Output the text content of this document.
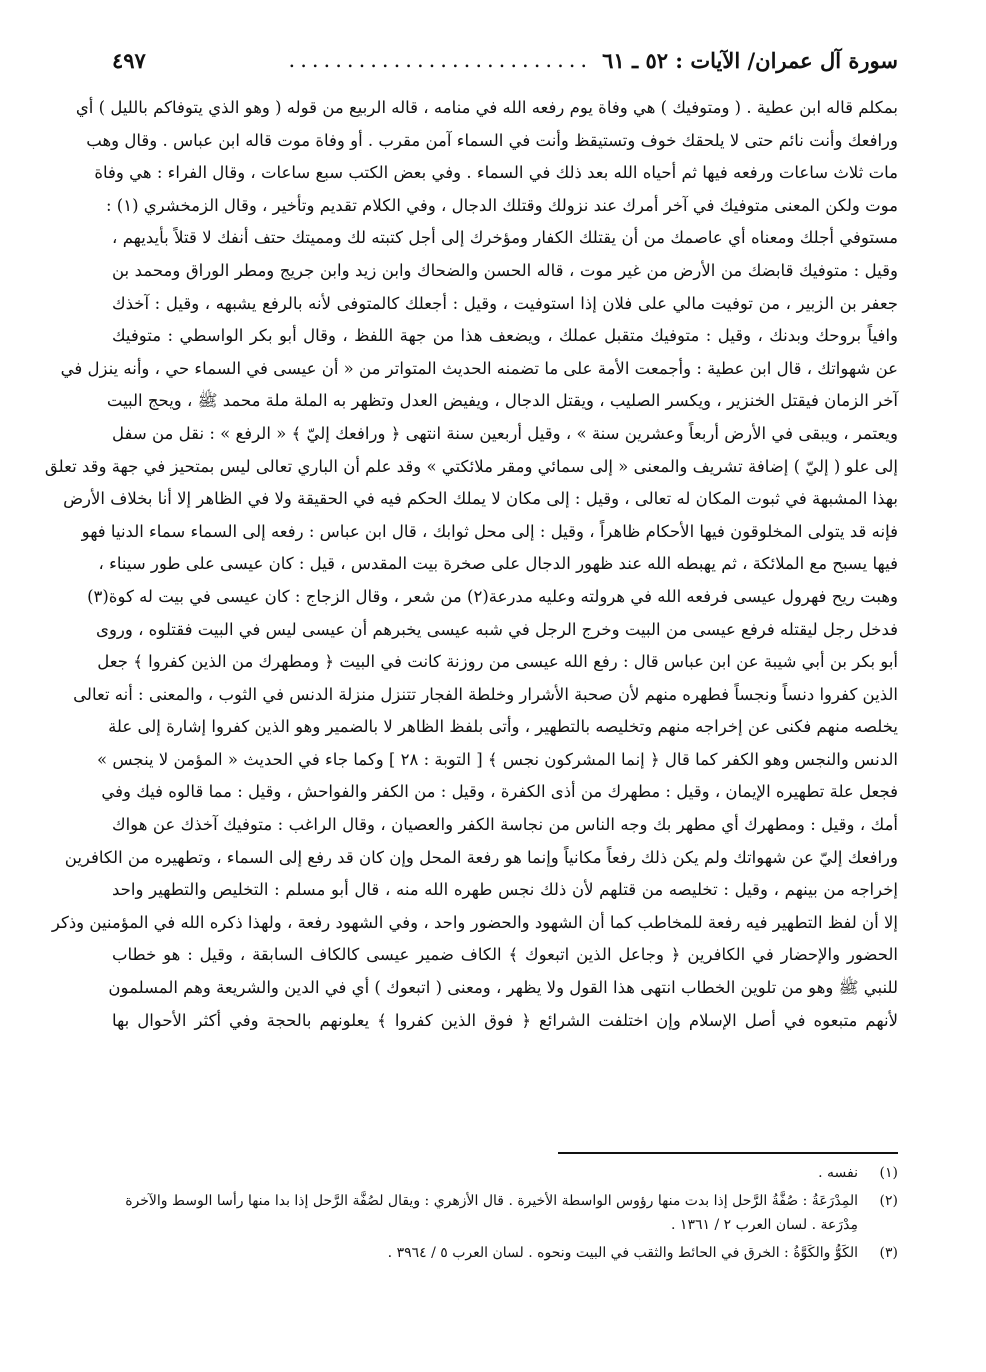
سورة آل عمران/ الآيات : ٥٢ ـ ٦١
..........................
٤٩٧
بمكلم قاله ابن عطية . ( ومتوفيك ) هي وفاة يوم رفعه الله في منامه ، قاله الربيع من قوله ( وهو الذي يتوفاكم بالليل ) أي
ورافعك وأنت نائم حتى لا يلحقك خوف وتستيقظ وأنت في السماء آمن مقرب . أو وفاة موت قاله ابن عباس . وقال وهب
مات ثلاث ساعات ورفعه فيها ثم أحياه الله بعد ذلك في السماء . وفي بعض الكتب سبع ساعات ، وقال الفراء : هي وفاة
موت ولكن المعنى متوفيك في آخر أمرك عند نزولك وقتلك الدجال ، وفي الكلام تقديم وتأخير ، وقال الزمخشري (١) :
مستوفي أجلك ومعناه أي عاصمك من أن يقتلك الكفار ومؤخرك إلى أجل كتبته لك ومميتك حتف أنفك لا قتلاً بأيديهم ،
وقيل : متوفيك قابضك من الأرض من غير موت ، قاله الحسن والضحاك وابن زيد وابن جريج ومطر الوراق ومحمد بن
جعفر بن الزبير ، من توفيت مالي على فلان إذا استوفيت ، وقيل : أجعلك كالمتوفى لأنه بالرفع يشبهه ، وقيل : آخذك
وافياً بروحك وبدنك ، وقيل : متوفيك متقبل عملك ، ويضعف هذا من جهة اللفظ ، وقال أبو بكر الواسطي : متوفيك
عن شهواتك ، قال ابن عطية : وأجمعت الأمة على ما تضمنه الحديث المتواتر من « أن عيسى في السماء حي ، وأنه ينزل في
آخر الزمان فيقتل الخنزير ، ويكسر الصليب ، ويقتل الدجال ، ويفيض العدل وتظهر به الملة ملة محمد ﷺ ، ويحج البيت
ويعتمر ، ويبقى في الأرض أربعاً وعشرين سنة » ، وقيل أربعين سنة انتهى ﴿ ورافعك إليّ ﴾ « الرفع » : نقل من سفل
إلى علو ( إليّ ) إضافة تشريف والمعنى « إلى سمائي ومقر ملائكتي » وقد علم أن الباري تعالى ليس بمتحيز في جهة وقد تعلق
بهذا المشبهة في ثبوت المكان له تعالى ، وقيل : إلى مكان لا يملك الحكم فيه في الحقيقة ولا في الظاهر إلا أنا بخلاف الأرض
فإنه قد يتولى المخلوقون فيها الأحكام ظاهراً ، وقيل : إلى محل ثوابك ، قال ابن عباس : رفعه إلى السماء سماء الدنيا فهو
فيها يسبح مع الملائكة ، ثم يهبطه الله عند ظهور الدجال على صخرة بيت المقدس ، قيل : كان عيسى على طور سيناء ،
وهبت ريح فهرول عيسى فرفعه الله في هرولته وعليه مدرعة(٢) من شعر ، وقال الزجاج : كان عيسى في بيت له كوة(٣)
فدخل رجل ليقتله فرفع عيسى من البيت وخرج الرجل في شبه عيسى يخبرهم أن عيسى ليس في البيت فقتلوه ، وروى
أبو بكر بن أبي شيبة عن ابن عباس قال : رفع الله عيسى من روزنة كانت في البيت ﴿ ومطهرك من الذين كفروا ﴾ جعل
الذين كفروا دنساً ونجساً فطهره منهم لأن صحبة الأشرار وخلطة الفجار تتنزل منزلة الدنس في الثوب ، والمعنى : أنه تعالى
يخلصه منهم فكنى عن إخراجه منهم وتخليصه بالتطهير ، وأتى بلفظ الظاهر لا بالضمير وهو الذين كفروا إشارة إلى علة
الدنس والنجس وهو الكفر كما قال ﴿ إنما المشركون نجس ﴾ [ التوبة : ٢٨ ] وكما جاء في الحديث « المؤمن لا ينجس »
فجعل علة تطهيره الإيمان ، وقيل : مطهرك من أذى الكفرة ، وقيل : من الكفر والفواحش ، وقيل : مما قالوه فيك وفي
أمك ، وقيل : ومطهرك أي مطهر بك وجه الناس من نجاسة الكفر والعصيان ، وقال الراغب : متوفيك آخذك عن هواك
ورافعك إليّ عن شهواتك ولم يكن ذلك رفعاً مكانياً وإنما هو رفعة المحل وإن كان قد رفع إلى السماء ، وتطهيره من الكافرين
إخراجه من بينهم ، وقيل : تخليصه من قتلهم لأن ذلك نجس طهره الله منه ، قال أبو مسلم : التخليص والتطهير واحد
إلا أن لفظ التطهير فيه رفعة للمخاطب كما أن الشهود والحضور واحد ، وفي الشهود رفعة ، ولهذا ذكره الله في المؤمنين وذكر
الحضور والإحضار في الكافرين ﴿ وجاعل الذين اتبعوك ﴾ الكاف ضمير عيسى كالكاف السابقة ، وقيل : هو خطاب
للنبي ﷺ وهو من تلوين الخطاب انتهى هذا القول ولا يظهر ، ومعنى ( اتبعوك ) أي في الدين والشريعة وهم المسلمون
لأنهم متبعوه في أصل الإسلام وإن اختلفت الشرائع ﴿ فوق الذين كفروا ﴾ يعلونهم بالحجة وفي أكثر الأحوال بها
(١)
نفسه .
(٢)
المِدْرَعَةُ : صُفَّةُ الرَّحل إذا بدت منها رؤوس الواسطة الأخيرة . قال الأزهري : ويقال لصُفَّة الرَّحل إذا بدا منها رأسا الوسط والآخرة
مِدْرَعة . لسان العرب ٢ / ١٣٦١ .
(٣)
الكَوُّ والكَوَّةُ : الخرق في الحائط والثقب في البيت ونحوه . لسان العرب ٥ / ٣٩٦٤ .
